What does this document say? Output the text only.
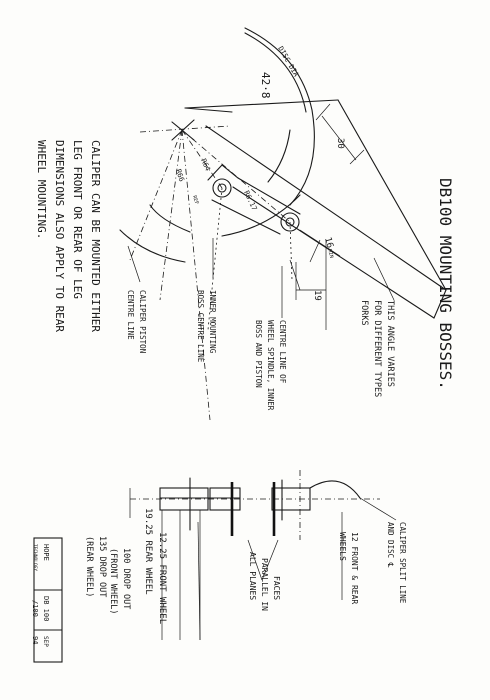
DB100 MOUNTING BOSSES.
DISC DIA
42·8
30
16
MIN
19
R64
R66
REF	R6.17
THIS ANGLE VARIES
FOR DIFFERENT TYPES
FORKS
CENTRE LINE OF
WHEEL SPINDLE, INNER
BOSS AND PISTON
INNER MOUNTING
BOSS CENTRE LINE
CALIPER PISTON
CENTRE LINE
CALIPER CAN BE MOUNTED EITHER
LEG FRONT OR REAR OF LEG
DIMENSIONS ALSO APPLY TO REAR
WHEEL MOUNTING.
CALIPER SPLIT LINE
AND DISC ℄
12 FRONT & REAR
WHEELS
FACES
PARALLEL IN
ALL PLANES
12.25 FRONT WHEEL
19.25 REAR WHEEL
100 DROP OUT
(FRONT WHEEL)
135 DROP OUT
(REAR WHEEL)
HOPE
TECHNOLOGY
DB 100
/100
SEP
94
